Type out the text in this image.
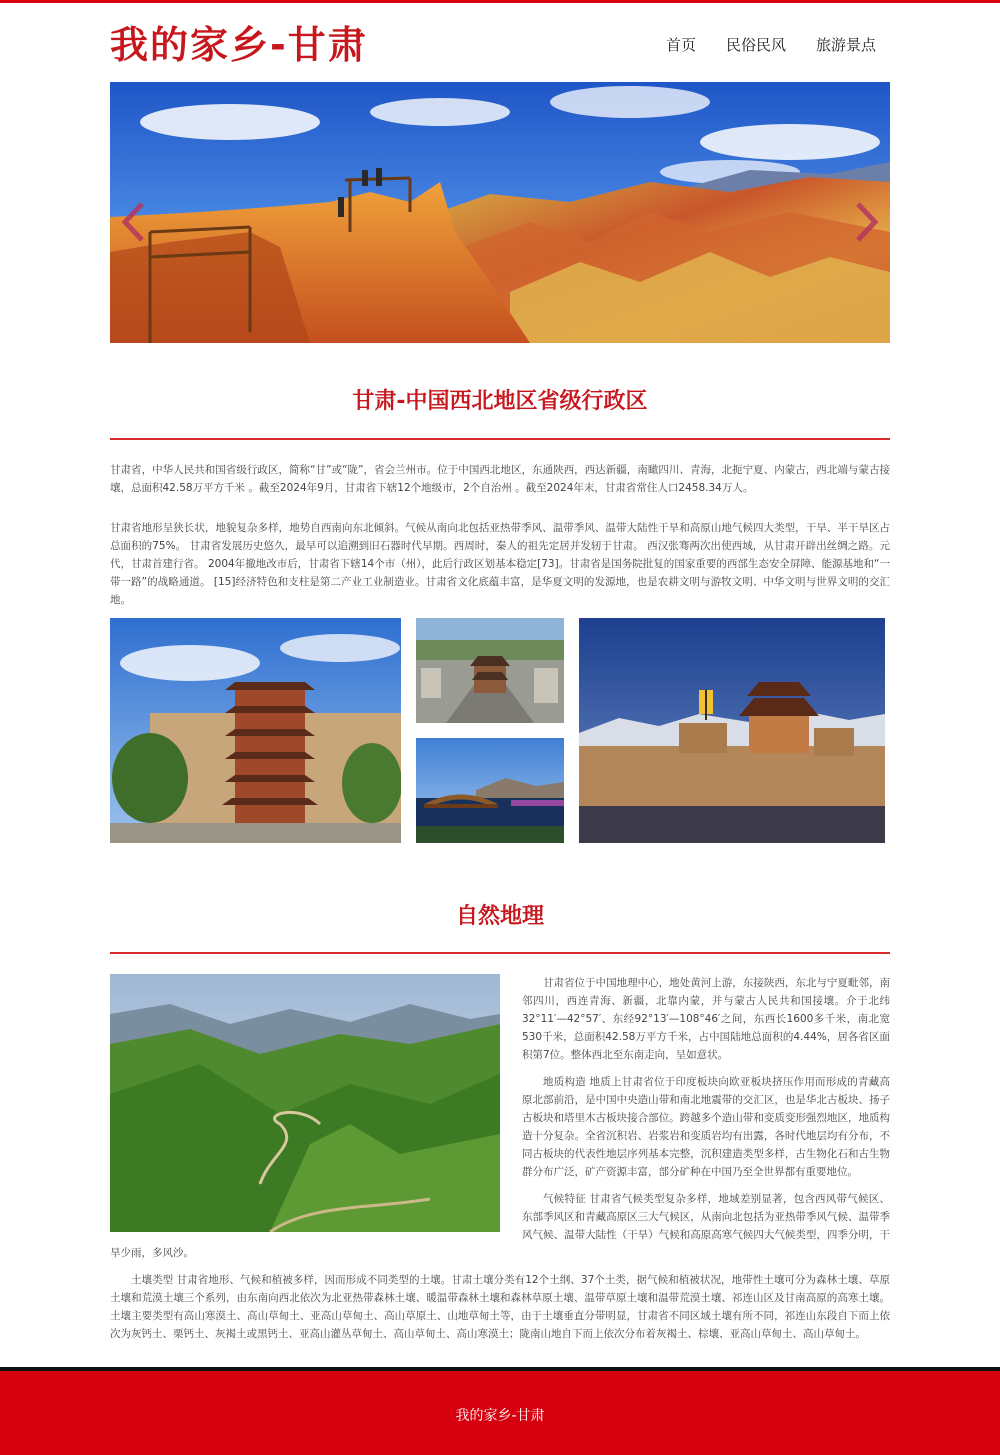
我的家乡-甘肃	首页 民俗民风 旅游景点
甘肃-中国西北地区省级行政区
甘肃省，中华人民共和国省级行政区，简称“甘”或“陇”，省会兰州市。位于中国西北地区，东通陕西，西达新疆，南瞰四川、青海，北扼宁夏、内蒙古，西北端与蒙古接壤，总面积42.58万平方千米 。截至2024年9月，甘肃省下辖12个地级市，2个自治州 。截至2024年末，甘肃省常住人口2458.34万人。
甘肃省地形呈狭长状，地貌复杂多样，地势自西南向东北倾斜。气候从南向北包括亚热带季风、温带季风、温带大陆性干旱和高原山地气候四大类型，干旱、半干旱区占总面积的75%。 甘肃省发展历史悠久，最早可以追溯到旧石器时代早期。西周时，秦人的祖先定居并发轫于甘肃。 西汉张骞两次出使西域，从甘肃开辟出丝绸之路。元代，甘肃首建行省。 2004年撤地改市后，甘肃省下辖14个市（州），此后行政区划基本稳定[73]。甘肃省是国务院批复的国家重要的西部生态安全屏障、能源基地和“一带一路”的战略通道。 [15]经济特色和支柱是第二产业工业制造业。甘肃省文化底蕴丰富，是华夏文明的发源地，也是农耕文明与游牧文明、中华文明与世界文明的交汇地。
自然地理

甘肃省位于中国地理中心，地处黄河上游，东接陕西，东北与宁夏毗邻，南邻四川，西连青海、新疆，北靠内蒙，并与蒙古人民共和国接壤。介于北纬32°11′—42°57′、东经92°13′—108°46′之间，东西长1600多千米，南北宽530千米，总面积42.58万平方千米，占中国陆地总面积的4.44%，居各省区面积第7位。整体西北至东南走向，呈如意状。

地质构造 地质上甘肃省位于印度板块向欧亚板块挤压作用而形成的青藏高原北部前沿，是中国中央造山带和南北地震带的交汇区，也是华北古板块、扬子古板块和塔里木古板块接合部位。跨越多个造山带和变质变形强烈地区，地质构造十分复杂。全省沉积岩、岩浆岩和变质岩均有出露，各时代地层均有分布，不同古板块的代表性地层序列基本完整，沉积建造类型多样，古生物化石和古生物群分布广泛，矿产资源丰富，部分矿种在中国乃至全世界都有重要地位。

气候特征 甘肃省气候类型复杂多样，地域差别显著，包含西风带气候区、东部季风区和青藏高原区三大气候区，从南向北包括为亚热带季风气候、温带季风气候、温带大陆性（干旱）气候和高原高寒气候四大气候类型，四季分明，干旱少雨，多风沙。

土壤类型 甘肃省地形、气候和植被多样，因而形成不同类型的土壤。甘肃土壤分类有12个土纲、37个土类，据气候和植被状况，地带性土壤可分为森林土壤、草原土壤和荒漠土壤三个系列，由东南向西北依次为北亚热带森林土壤、暖温带森林土壤和森林草原土壤、温带草原土壤和温带荒漠土壤、祁连山区及甘南高原的高寒土壤。土壤主要类型有高山寒漠土、高山草甸土、亚高山草甸土、高山草原土、山地草甸土等，由于土壤垂直分带明显，甘肃省不同区域土壤有所不同，祁连山东段自下而上依次为灰钙土、栗钙土、灰褐土或黑钙土、亚高山灌丛草甸土、高山草甸土、高山寒漠土；陇南山地自下而上依次分布着灰褐土、棕壤、亚高山草甸土、高山草甸土。

我的家乡-甘肃
